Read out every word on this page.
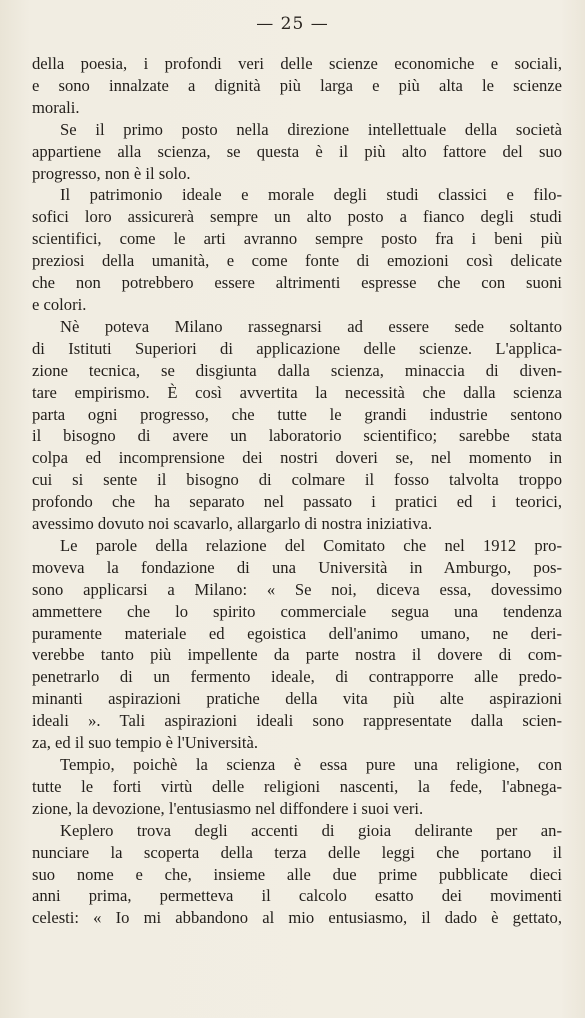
— 25 —
della poesia, i profondi veri delle scienze economiche e sociali,
e sono innalzate a dignità più larga e più alta le scienze
morali.
Se il primo posto nella direzione intellettuale della società
appartiene alla scienza, se questa è il più alto fattore del suo
progresso, non è il solo.
Il patrimonio ideale e morale degli studi classici e filo-
sofici loro assicurerà sempre un alto posto a fianco degli studi
scientifici, come le arti avranno sempre posto fra i beni più
preziosi della umanità, e come fonte di emozioni così delicate
che non potrebbero essere altrimenti espresse che con suoni
e colori.
Nè poteva Milano rassegnarsi ad essere sede soltanto
di Istituti Superiori di applicazione delle scienze. L'applica-
zione tecnica, se disgiunta dalla scienza, minaccia di diven-
tare empirismo. È così avvertita la necessità che dalla scienza
parta ogni progresso, che tutte le grandi industrie sentono
il bisogno di avere un laboratorio scientifico; sarebbe stata
colpa ed incomprensione dei nostri doveri se, nel momento in
cui si sente il bisogno di colmare il fosso talvolta troppo
profondo che ha separato nel passato i pratici ed i teorici,
avessimo dovuto noi scavarlo, allargarlo di nostra iniziativa.
Le parole della relazione del Comitato che nel 1912 pro-
moveva la fondazione di una Università in Amburgo, pos-
sono applicarsi a Milano: « Se noi, diceva essa, dovessimo
ammettere che lo spirito commerciale segua una tendenza
puramente materiale ed egoistica dell'animo umano, ne deri-
verebbe tanto più impellente da parte nostra il dovere di com-
penetrarlo di un fermento ideale, di contrapporre alle predo-
minanti aspirazioni pratiche della vita più alte aspirazioni
ideali ». Tali aspirazioni ideali sono rappresentate dalla scien-
za, ed il suo tempio è l'Università.
Tempio, poichè la scienza è essa pure una religione, con
tutte le forti virtù delle religioni nascenti, la fede, l'abnega-
zione, la devozione, l'entusiasmo nel diffondere i suoi veri.
Keplero trova degli accenti di gioia delirante per an-
nunciare la scoperta della terza delle leggi che portano il
suo nome e che, insieme alle due prime pubblicate dieci
anni prima, permetteva il calcolo esatto dei movimenti
celesti: « Io mi abbandono al mio entusiasmo, il dado è gettato,
